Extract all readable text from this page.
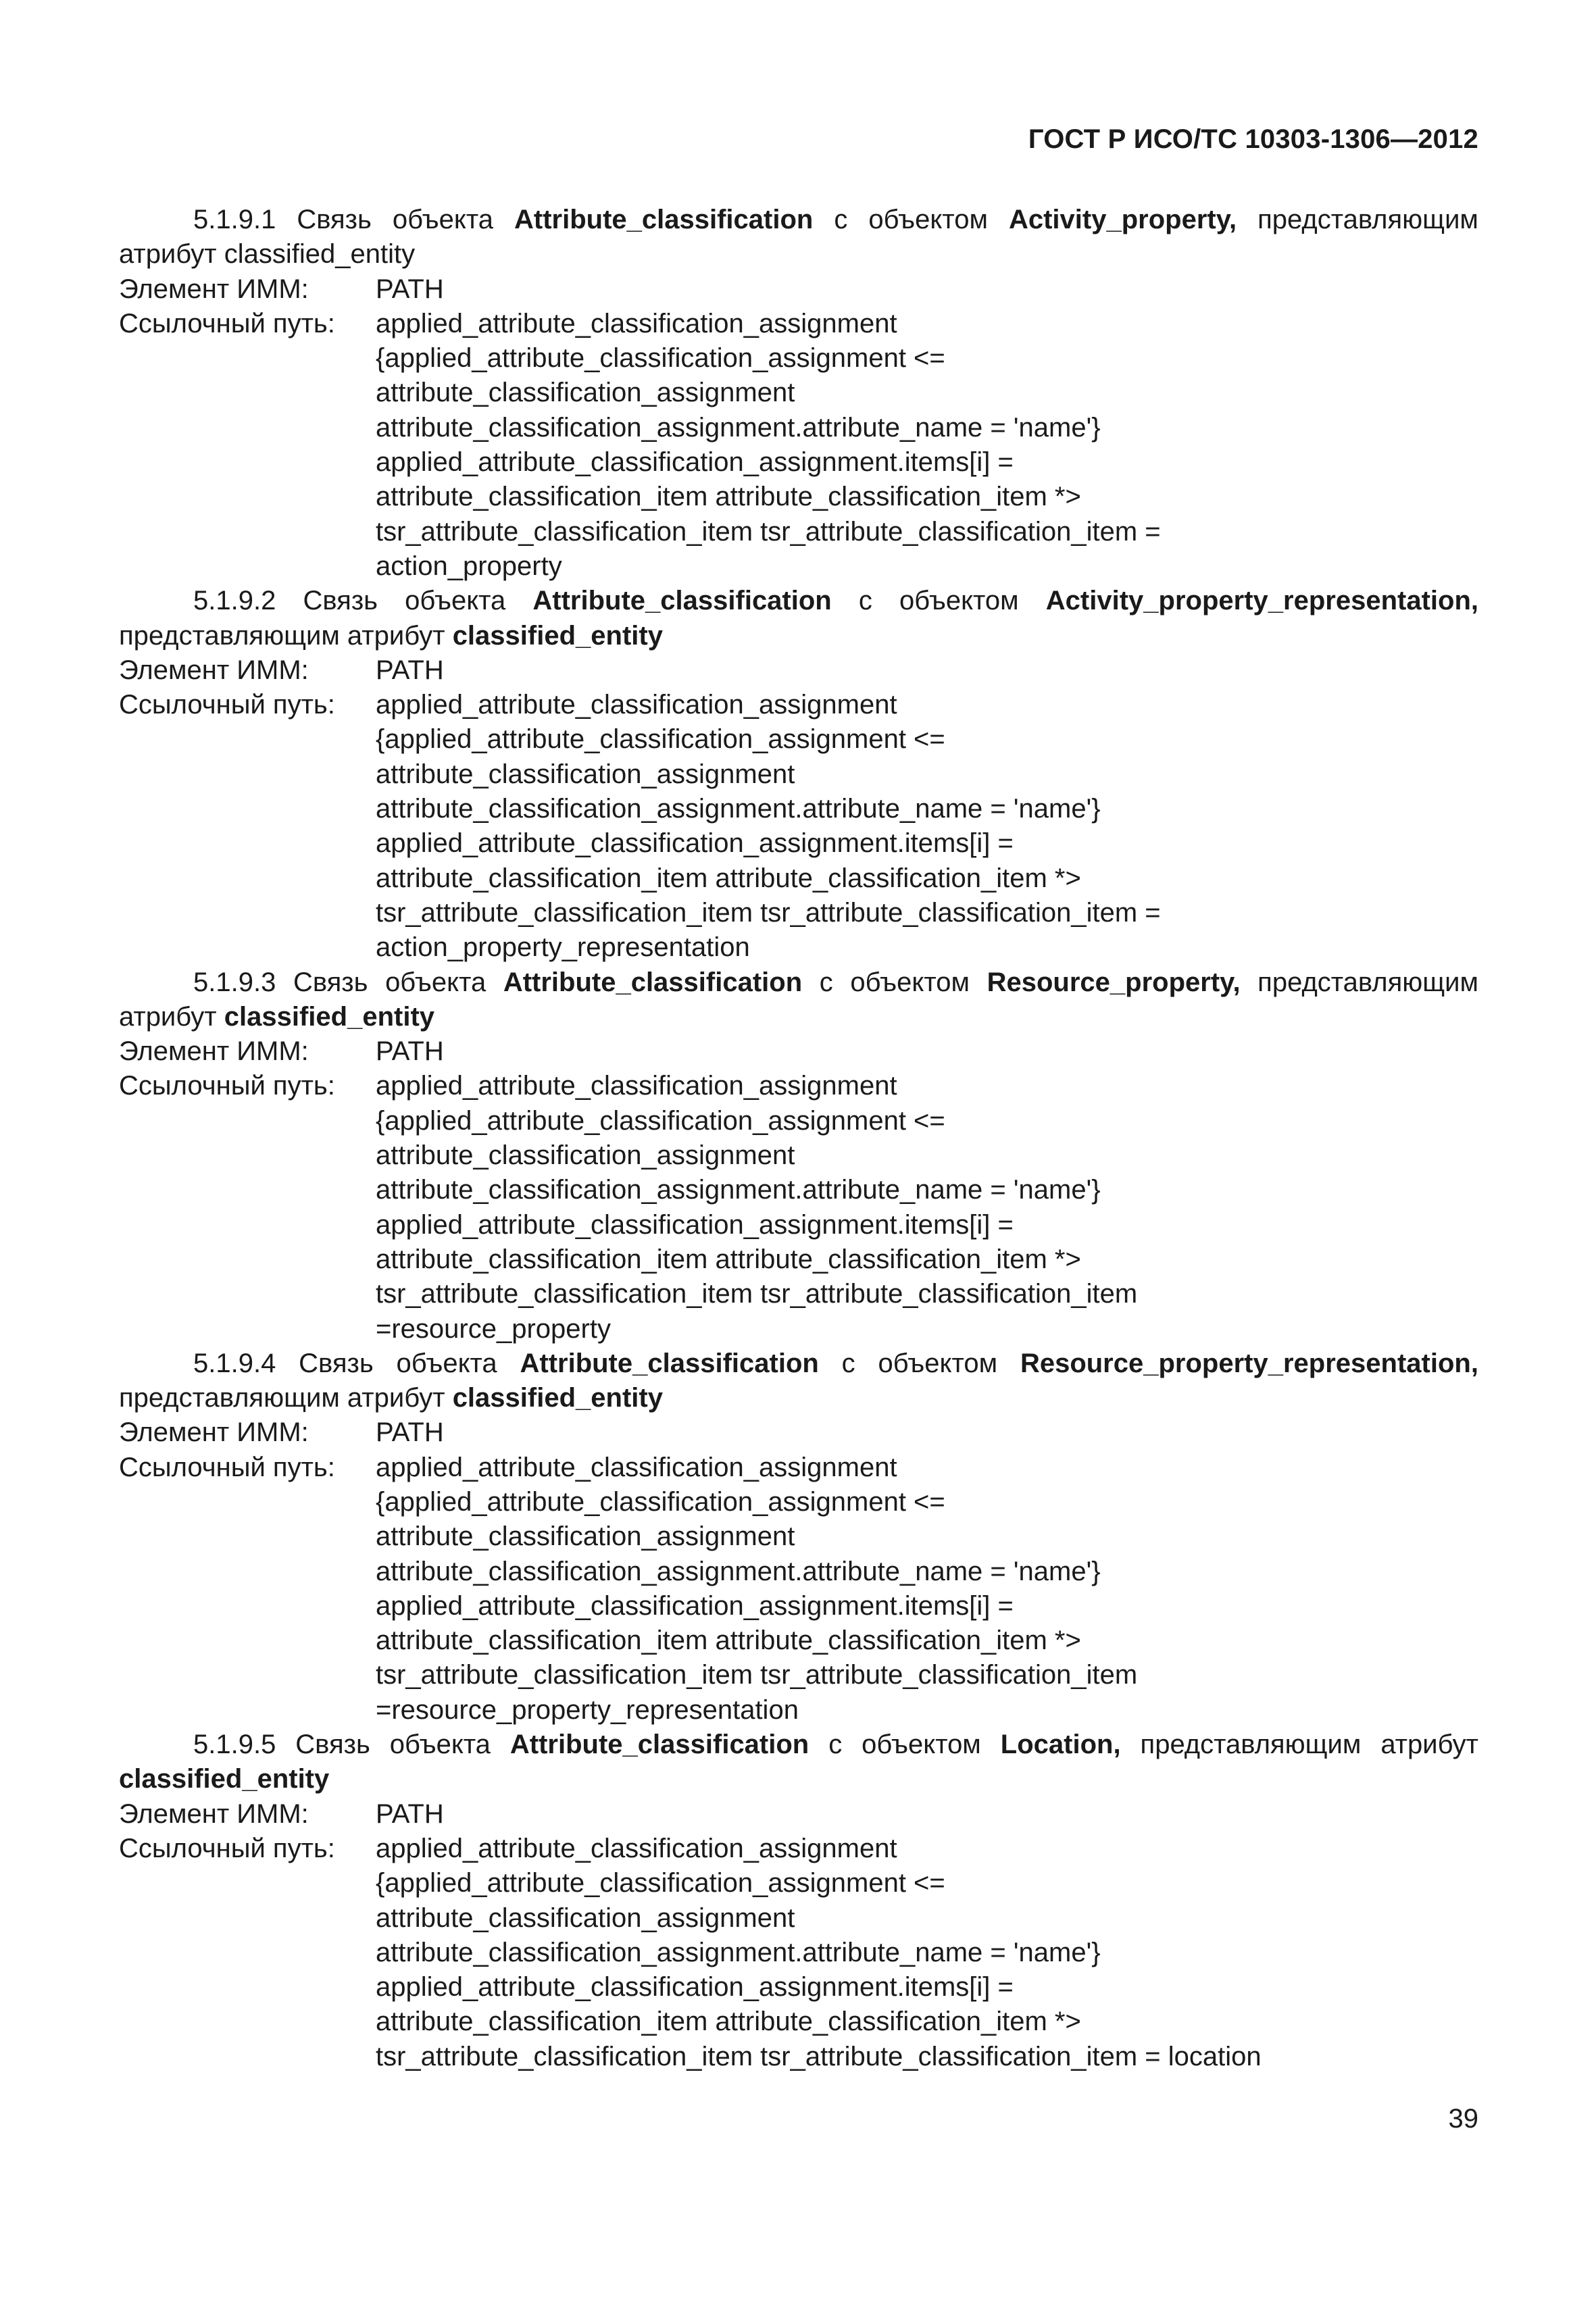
ГОСТ Р ИСО/ТС 10303-1306—2012

5.1.9.1 Связь объекта Attribute_classification с объектом Activity_property, представляющим атрибут classified_entity

Элемент ИММ:	PATH
Ссылочный путь:	applied_attribute_classification_assignment
{applied_attribute_classification_assignment <=
attribute_classification_assignment
attribute_classification_assignment.attribute_name = 'name'}
applied_attribute_classification_assignment.items[i] =
attribute_classification_item attribute_classification_item *>
tsr_attribute_classification_item tsr_attribute_classification_item =
action_property

5.1.9.2 Связь объекта Attribute_classification с объектом Activity_property_representation, представляющим атрибут classified_entity

Элемент ИММ:	PATH
Ссылочный путь:	applied_attribute_classification_assignment
{applied_attribute_classification_assignment <=
attribute_classification_assignment
attribute_classification_assignment.attribute_name = 'name'}
applied_attribute_classification_assignment.items[i] =
attribute_classification_item attribute_classification_item *>
tsr_attribute_classification_item tsr_attribute_classification_item =
action_property_representation

5.1.9.3 Связь объекта Attribute_classification с объектом Resource_property, представляющим атрибут classified_entity

Элемент ИММ:	PATH
Ссылочный путь:	applied_attribute_classification_assignment
{applied_attribute_classification_assignment <=
attribute_classification_assignment
attribute_classification_assignment.attribute_name = 'name'}
applied_attribute_classification_assignment.items[i] =
attribute_classification_item attribute_classification_item *>
tsr_attribute_classification_item tsr_attribute_classification_item
=resource_property

5.1.9.4 Связь объекта Attribute_classification с объектом Resource_property_representation, представляющим атрибут classified_entity

Элемент ИММ:	PATH
Ссылочный путь:	applied_attribute_classification_assignment
{applied_attribute_classification_assignment <=
attribute_classification_assignment
attribute_classification_assignment.attribute_name = 'name'}
applied_attribute_classification_assignment.items[i] =
attribute_classification_item attribute_classification_item *>
tsr_attribute_classification_item tsr_attribute_classification_item
=resource_property_representation

5.1.9.5 Связь объекта Attribute_classification с объектом Location, представляющим атрибут classified_entity

Элемент ИММ:	PATH
Ссылочный путь:	applied_attribute_classification_assignment
{applied_attribute_classification_assignment <=
attribute_classification_assignment
attribute_classification_assignment.attribute_name = 'name'}
applied_attribute_classification_assignment.items[i] =
attribute_classification_item attribute_classification_item *>
tsr_attribute_classification_item tsr_attribute_classification_item = location
39
